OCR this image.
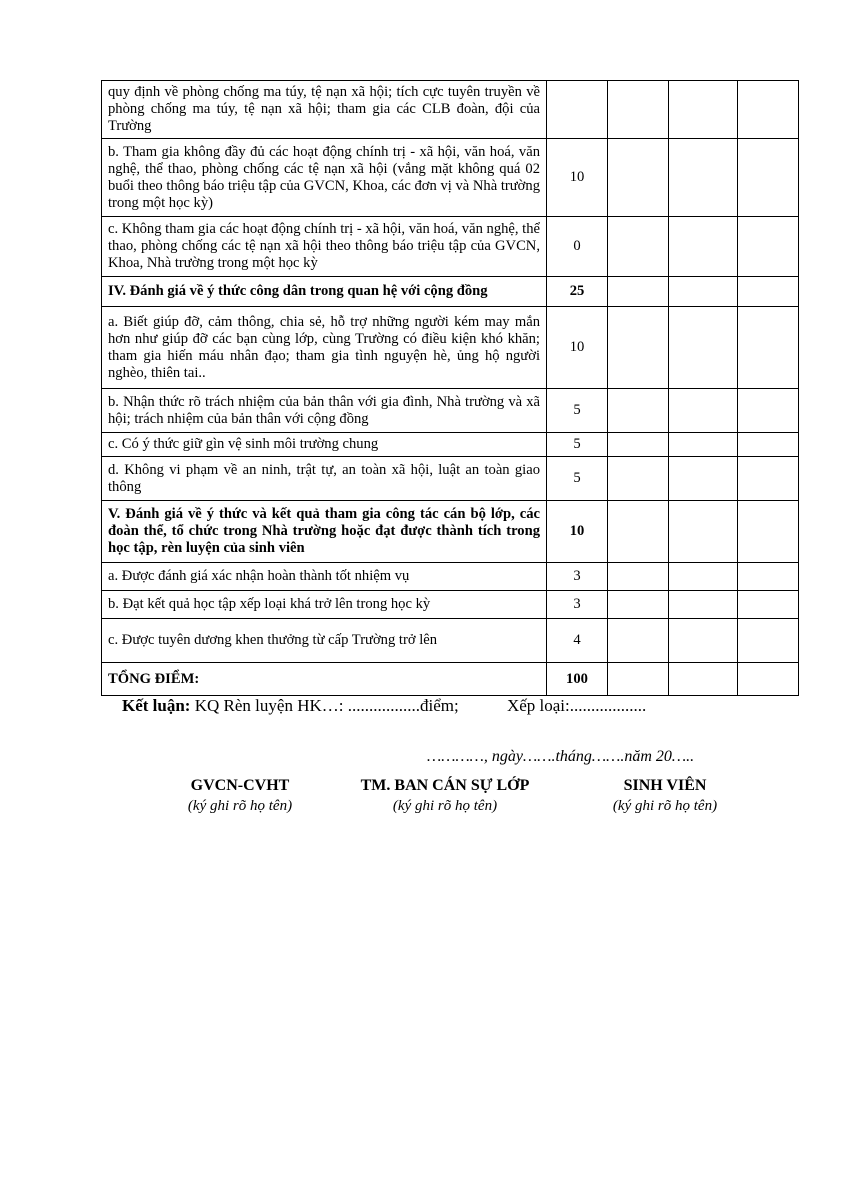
quy định về phòng chống ma túy, tệ nạn xã hội; tích cực tuyên truyền về phòng chống ma túy, tệ nạn xã hội; tham gia các CLB đoàn, đội của Trường				
b. Tham gia không đầy đủ các hoạt động chính trị - xã hội, văn hoá, văn nghệ, thể thao, phòng chống các tệ nạn xã hội (vắng mặt không quá 02 buổi theo thông báo triệu tập của GVCN, Khoa, các đơn vị và Nhà trường trong một học kỳ)	10			
c. Không tham gia các hoạt động chính trị - xã hội, văn hoá, văn nghệ, thể thao, phòng chống các tệ nạn xã hội theo thông báo triệu tập của GVCN, Khoa, Nhà trường trong một học kỳ	0			
IV. Đánh giá về ý thức công dân trong quan hệ với cộng đồng	25			
a. Biết giúp đỡ, cảm thông, chia sẻ, hỗ trợ những người kém may mắn hơn như giúp đỡ các bạn cùng lớp, cùng Trường có điều kiện khó khăn; tham gia hiến máu nhân đạo; tham gia tình nguyện hè, ủng hộ người nghèo, thiên tai..	10			
b. Nhận thức rõ trách nhiệm của bản thân với gia đình, Nhà trường và xã hội; trách nhiệm của bản thân với cộng đồng	5			
c. Có ý thức giữ gìn vệ sinh môi trường chung	5			
d. Không vi phạm về an ninh, trật tự, an toàn xã hội, luật an toàn giao thông	5			
V. Đánh giá về ý thức và kết quả tham gia công tác cán bộ lớp, các đoàn thể, tổ chức trong Nhà trường hoặc đạt được thành tích trong học tập, rèn luyện của sinh viên	10			
a. Được đánh giá xác nhận hoàn thành tốt nhiệm vụ	3			
b. Đạt kết quả học tập xếp loại khá trở lên trong học kỳ	3			
c. Được tuyên dương khen thưởng từ cấp Trường trở lên	4			
TỔNG ĐIỂM:	100			
Kết luận: KQ Rèn luyện HK…: .................điểm;	Xếp loại:..................
…………, ngày…….tháng…….năm 20…..
GVCN-CVHT
(ký ghi rõ họ tên)
TM. BAN CÁN SỰ LỚP
(ký ghi rõ họ tên)
SINH VIÊN
(ký ghi rõ họ tên)
